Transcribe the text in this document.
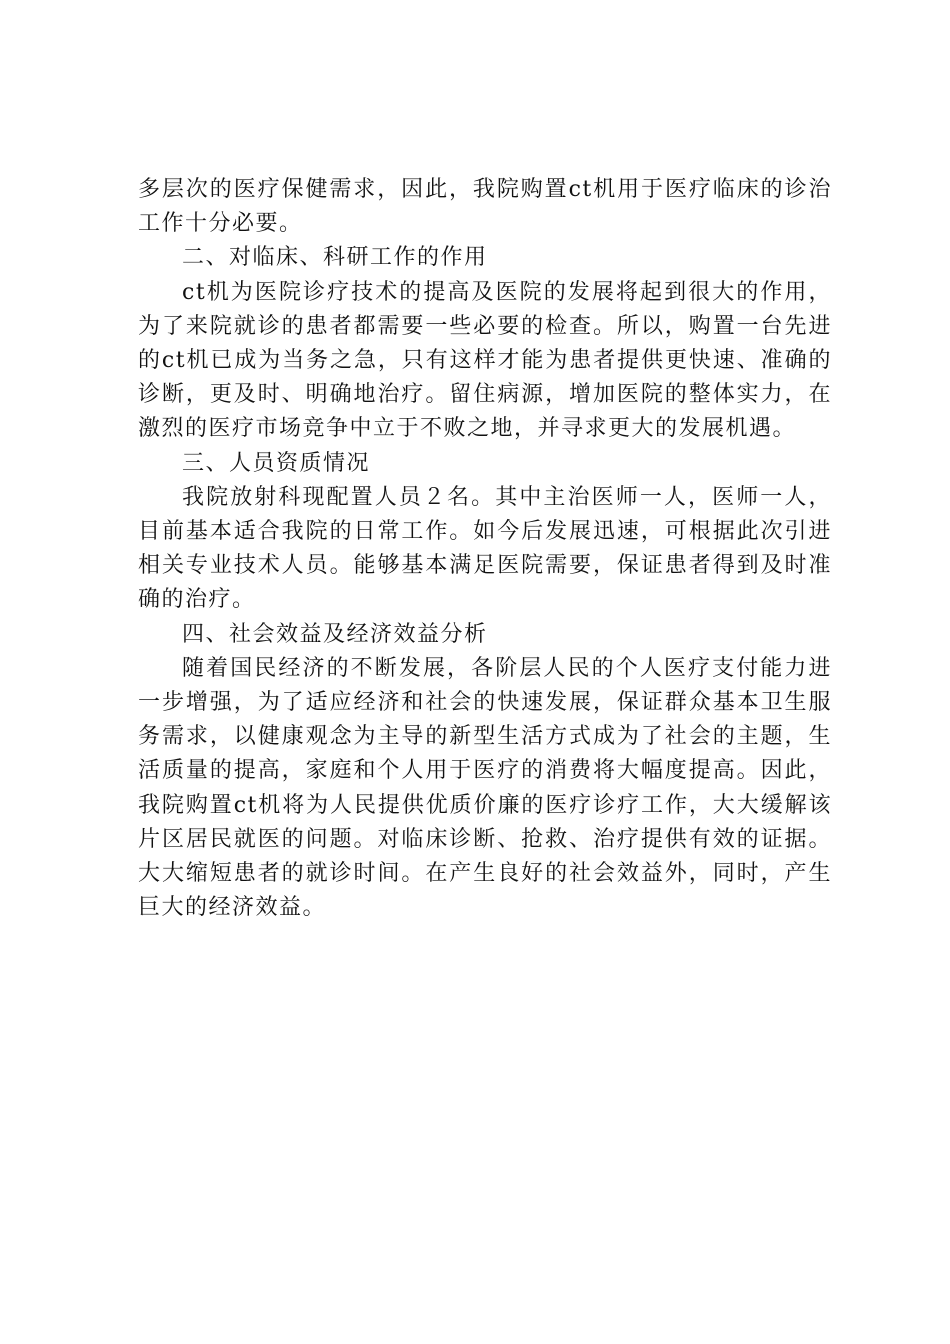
多层次的医疗保健需求，因此，我院购置ct机用于医疗临床的诊治工作十分必要。

二、对临床、科研工作的作用

ct机为医院诊疗技术的提高及医院的发展将起到很大的作用，为了来院就诊的患者都需要一些必要的检查。所以，购置一台先进的ct机已成为当务之急，只有这样才能为患者提供更快速、准确的诊断，更及时、明确地治疗。留住病源，增加医院的整体实力，在激烈的医疗市场竞争中立于不败之地，并寻求更大的发展机遇。

三、人员资质情况

我院放射科现配置人员２名。其中主治医师一人，医师一人，目前基本适合我院的日常工作。如今后发展迅速，可根据此次引进相关专业技术人员。能够基本满足医院需要，保证患者得到及时准确的治疗。

四、社会效益及经济效益分析

随着国民经济的不断发展，各阶层人民的个人医疗支付能力进一步增强，为了适应经济和社会的快速发展，保证群众基本卫生服务需求，以健康观念为主导的新型生活方式成为了社会的主题，生活质量的提高，家庭和个人用于医疗的消费将大幅度提高。因此，我院购置ct机将为人民提供优质价廉的医疗诊疗工作，大大缓解该片区居民就医的问题。对临床诊断、抢救、治疗提供有效的证据。大大缩短患者的就诊时间。在产生良好的社会效益外，同时，产生巨大的经济效益。
